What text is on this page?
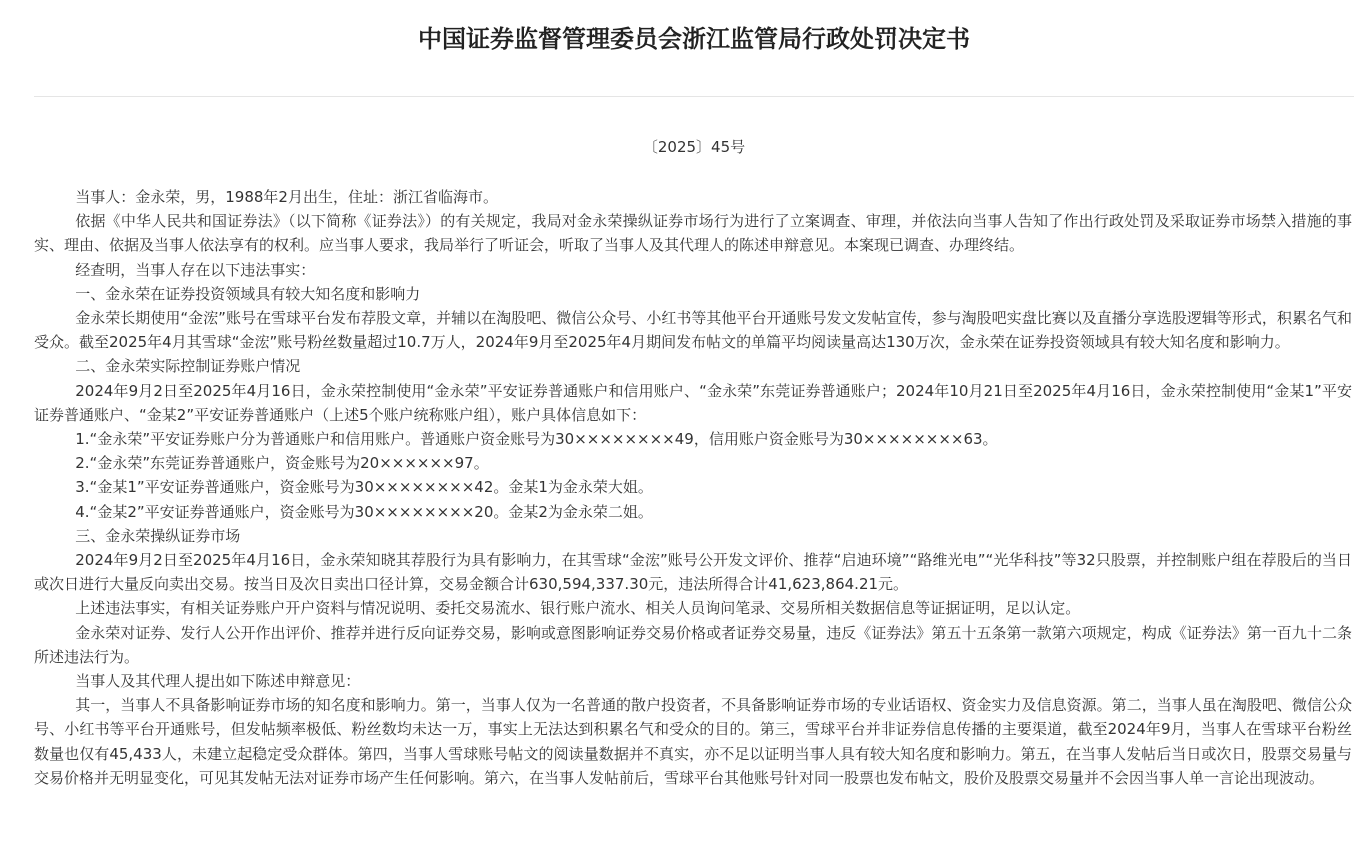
中国证券监督管理委员会浙江监管局行政处罚决定书
〔2025〕45号

当事人：金永荣，男，1988年2月出生，住址：浙江省临海市。

依据《中华人民共和国证券法》（以下简称《证券法》）的有关规定，我局对金永荣操纵证券市场行为进行了立案调查、审理，并依法向当事人告知了作出行政处罚及采取证券市场禁入措施的事实、理由、依据及当事人依法享有的权利。应当事人要求，我局举行了听证会，听取了当事人及其代理人的陈述申辩意见。本案现已调查、办理终结。

经查明，当事人存在以下违法事实：

一、金永荣在证券投资领域具有较大知名度和影响力

金永荣长期使用“金浤”账号在雪球平台发布荐股文章，并辅以在淘股吧、微信公众号、小红书等其他平台开通账号发文发帖宣传，参与淘股吧实盘比赛以及直播分享选股逻辑等形式，积累名气和受众。截至2025年4月其雪球“金浤”账号粉丝数量超过10.7万人，2024年9月至2025年4月期间发布帖文的单篇平均阅读量高达130万次，金永荣在证券投资领域具有较大知名度和影响力。

二、金永荣实际控制证券账户情况

2024年9月2日至2025年4月16日，金永荣控制使用“金永荣”平安证券普通账户和信用账户、“金永荣”东莞证券普通账户；2024年10月21日至2025年4月16日，金永荣控制使用“金某1”平安证券普通账户、“金某2”平安证券普通账户（上述5个账户统称账户组），账户具体信息如下：

1.“金永荣”平安证券账户分为普通账户和信用账户。普通账户资金账号为30××××××××49，信用账户资金账号为30××××××××63。

2.“金永荣”东莞证券普通账户，资金账号为20××××××97。

3.“金某1”平安证券普通账户，资金账号为30××××××××42。金某1为金永荣大姐。

4.“金某2”平安证券普通账户，资金账号为30××××××××20。金某2为金永荣二姐。

三、金永荣操纵证券市场

2024年9月2日至2025年4月16日，金永荣知晓其荐股行为具有影响力，在其雪球“金浤”账号公开发文评价、推荐“启迪环境”“路维光电”“光华科技”等32只股票，并控制账户组在荐股后的当日或次日进行大量反向卖出交易。按当日及次日卖出口径计算，交易金额合计630,594,337.30元，违法所得合计41,623,864.21元。

上述违法事实，有相关证券账户开户资料与情况说明、委托交易流水、银行账户流水、相关人员询问笔录、交易所相关数据信息等证据证明，足以认定。

金永荣对证券、发行人公开作出评价、推荐并进行反向证券交易，影响或意图影响证券交易价格或者证券交易量，违反《证券法》第五十五条第一款第六项规定，构成《证券法》第一百九十二条所述违法行为。

当事人及其代理人提出如下陈述申辩意见：

其一，当事人不具备影响证券市场的知名度和影响力。第一，当事人仅为一名普通的散户投资者，不具备影响证券市场的专业话语权、资金实力及信息资源。第二，当事人虽在淘股吧、微信公众号、小红书等平台开通账号，但发帖频率极低、粉丝数均未达一万，事实上无法达到积累名气和受众的目的。第三，雪球平台并非证券信息传播的主要渠道，截至2024年9月，当事人在雪球平台粉丝数量也仅有45,433人，未建立起稳定受众群体。第四，当事人雪球账号帖文的阅读量数据并不真实，亦不足以证明当事人具有较大知名度和影响力。第五，在当事人发帖后当日或次日，股票交易量与交易价格并无明显变化，可见其发帖无法对证券市场产生任何影响。第六，在当事人发帖前后，雪球平台其他账号针对同一股票也发布帖文，股价及股票交易量并不会因当事人单一言论出现波动。
